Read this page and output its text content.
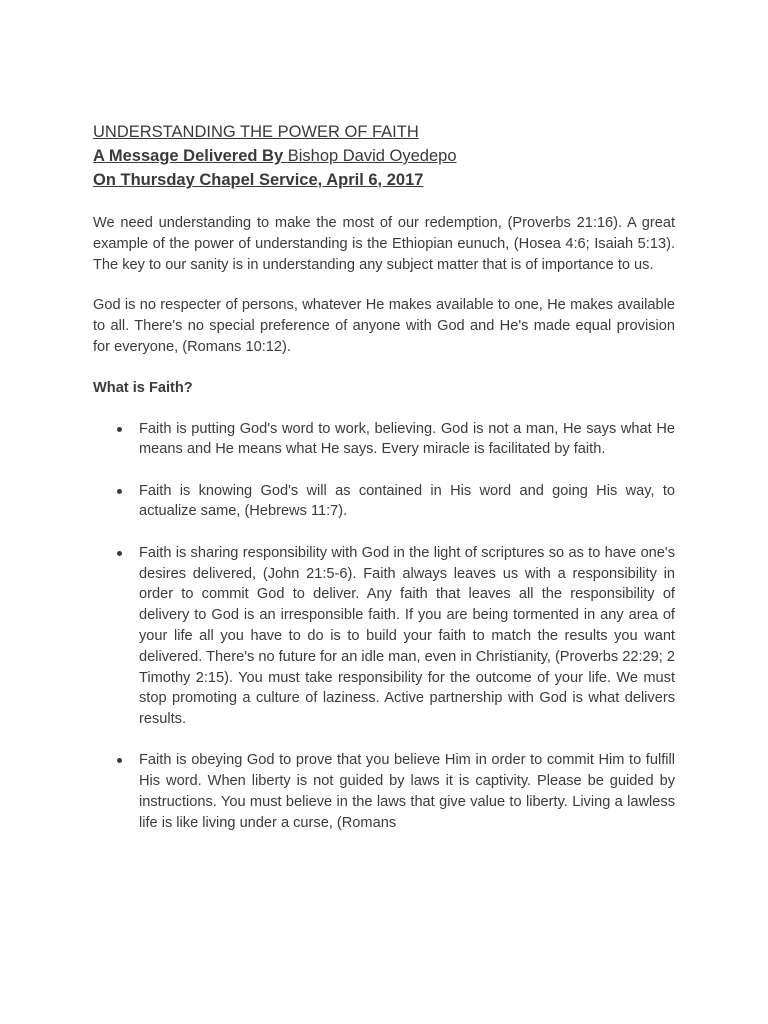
UNDERSTANDING THE POWER OF FAITH

A Message Delivered By Bishop David Oyedepo

On Thursday Chapel Service, April 6, 2017

We need understanding to make the most of our redemption, (Proverbs 21:16). A great example of the power of understanding is the Ethiopian eunuch, (Hosea 4:6; Isaiah 5:13). The key to our sanity is in understanding any subject matter that is of importance to us.

God is no respecter of persons, whatever He makes available to one, He makes available to all. There's no special preference of anyone with God and He's made equal provision for everyone, (Romans 10:12).

What is Faith?

Faith is putting God's word to work, believing. God is not a man, He says what He means and He means what He says. Every miracle is facilitated by faith.
Faith is knowing God's will as contained in His word and going His way, to actualize same, (Hebrews 11:7).
Faith is sharing responsibility with God in the light of scriptures so as to have one's desires delivered, (John 21:5-6). Faith always leaves us with a responsibility in order to commit God to deliver. Any faith that leaves all the responsibility of delivery to God is an irresponsible faith. If you are being tormented in any area of your life all you have to do is to build your faith to match the results you want delivered. There's no future for an idle man, even in Christianity, (Proverbs 22:29; 2 Timothy 2:15). You must take responsibility for the outcome of your life. We must stop promoting a culture of laziness. Active partnership with God is what delivers results.
Faith is obeying God to prove that you believe Him in order to commit Him to fulfill His word. When liberty is not guided by laws it is captivity. Please be guided by instructions. You must believe in the laws that give value to liberty. Living a lawless life is like living under a curse, (Romans
